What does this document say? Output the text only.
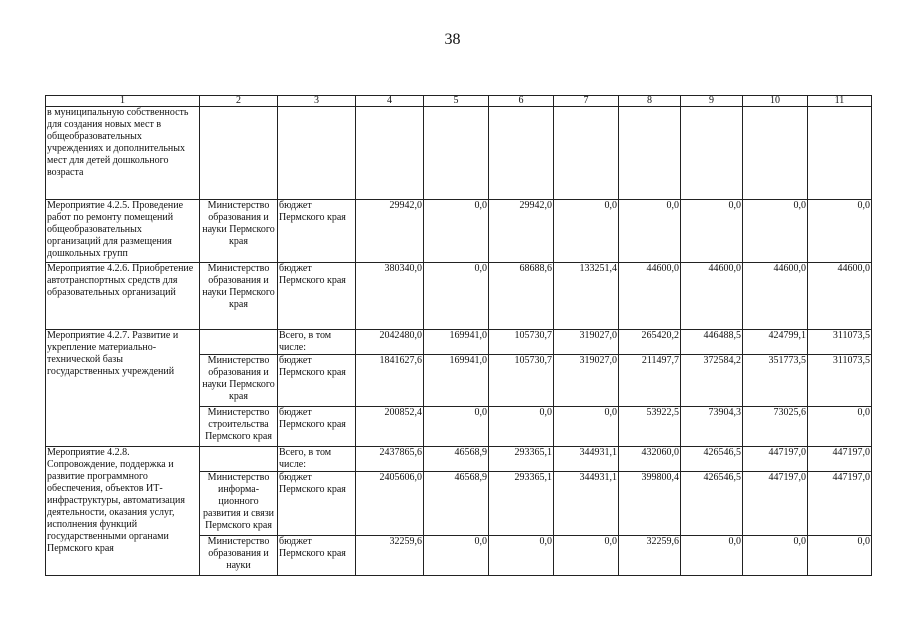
38
1	2	3	4	5	6	7	8	9	10	11
в муниципальную собственность для создания новых мест в общеобразовательных учреждениях и дополнительных мест для детей дошкольного возраста										
Мероприятие 4.2.5. Проведение работ по ремонту помещений общеобразовательных организаций для размещения дошкольных групп	Министерство образования и науки Пермского края	бюджет Пермского края	29942,0	0,0	29942,0	0,0	0,0	0,0	0,0	0,0
Мероприятие 4.2.6. Приобретение автотранспортных средств для образовательных организаций	Министерство образования и науки Пермского края	бюджет Пермского края	380340,0	0,0	68688,6	133251,4	44600,0	44600,0	44600,0	44600,0
Мероприятие 4.2.7. Развитие и укрепление материально-технической базы государственных учреждений		Всего, в том числе:	2042480,0	169941,0	105730,7	319027,0	265420,2	446488,5	424799,1	311073,5
	Министерство образования и науки Пермского края	бюджет Пермского края	1841627,6	169941,0	105730,7	319027,0	211497,7	372584,2	351773,5	311073,5
	Министерство строительства Пермского края	бюджет Пермского края	200852,4	0,0	0,0	0,0	53922,5	73904,3	73025,6	0,0
Мероприятие 4.2.8. Сопровождение, поддержка и развитие программного обеспечения, объектов ИТ-инфраструктуры, автоматизация деятельности, оказания услуг, исполнения функций государственными органами Пермского края		Всего, в том числе:	2437865,6	46568,9	293365,1	344931,1	432060,0	426546,5	447197,0	447197,0
	Министерство информа- ционного развития и связи Пермского края	бюджет Пермского края	2405606,0	46568,9	293365,1	344931,1	399800,4	426546,5	447197,0	447197,0
	Министерство образования и науки	бюджет Пермского края	32259,6	0,0	0,0	0,0	32259,6	0,0	0,0	0,0
